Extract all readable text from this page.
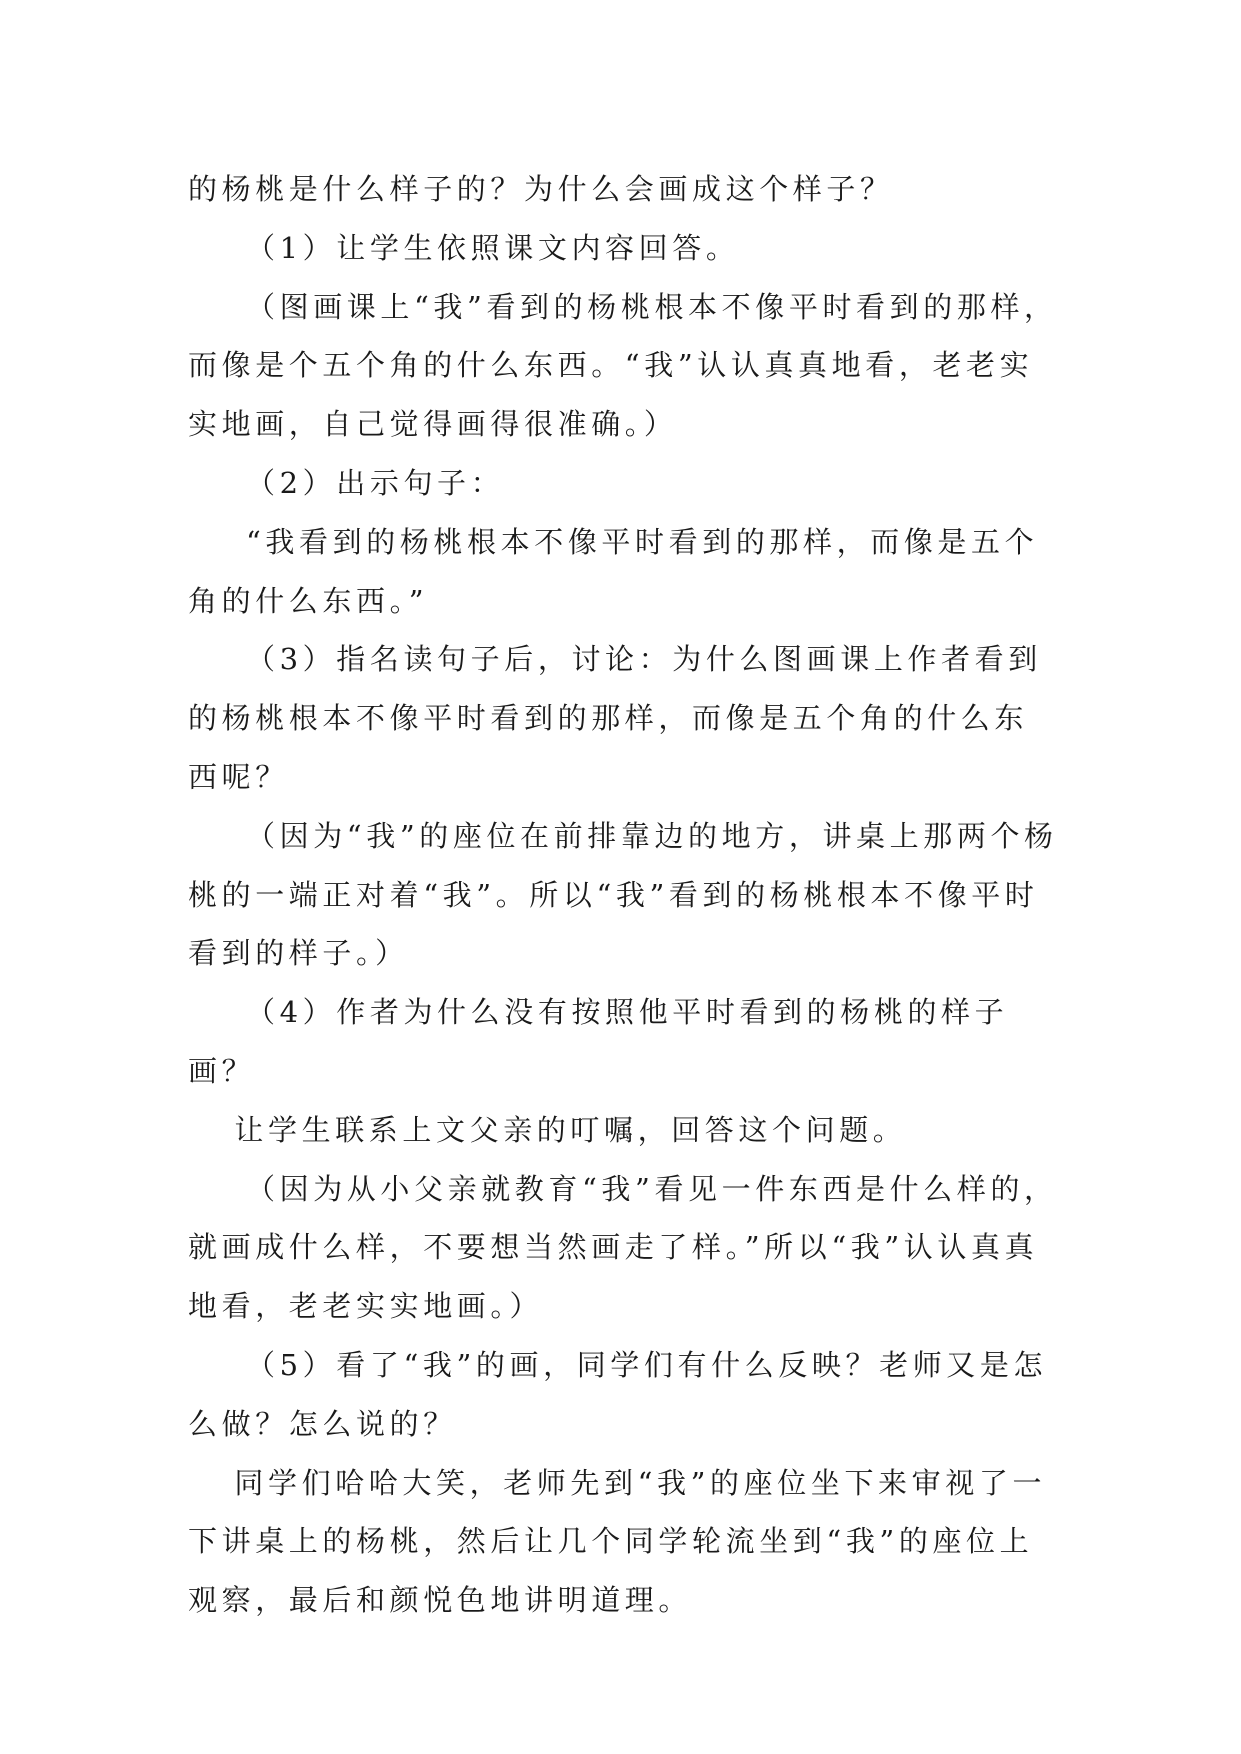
的杨桃是什么样子的？为什么会画成这个样子？

（1）让学生依照课文内容回答。

（图画课上“我”看到的杨桃根本不像平时看到的那样，而像是个五个角的什么东西。“我”认认真真地看，老老实实地画，自己觉得画得很准确。）

（2）出示句子：

“我看到的杨桃根本不像平时看到的那样，而像是五个角的什么东西。”

（3）指名读句子后，讨论：为什么图画课上作者看到的杨桃根本不像平时看到的那样，而像是五个角的什么东西呢？

（因为“我”的座位在前排靠边的地方，讲桌上那两个杨桃的一端正对着“我”。所以“我”看到的杨桃根本不像平时看到的样子。）

（4）作者为什么没有按照他平时看到的杨桃的样子画？

让学生联系上文父亲的叮嘱，回答这个问题。

（因为从小父亲就教育“我”看见一件东西是什么样的，就画成什么样，不要想当然画走了样。”所以“我”认认真真地看，老老实实地画。）

（5）看了“我”的画，同学们有什么反映？老师又是怎么做？怎么说的？

同学们哈哈大笑，老师先到“我”的座位坐下来审视了一下讲桌上的杨桃，然后让几个同学轮流坐到“我”的座位上观察，最后和颜悦色地讲明道理。
